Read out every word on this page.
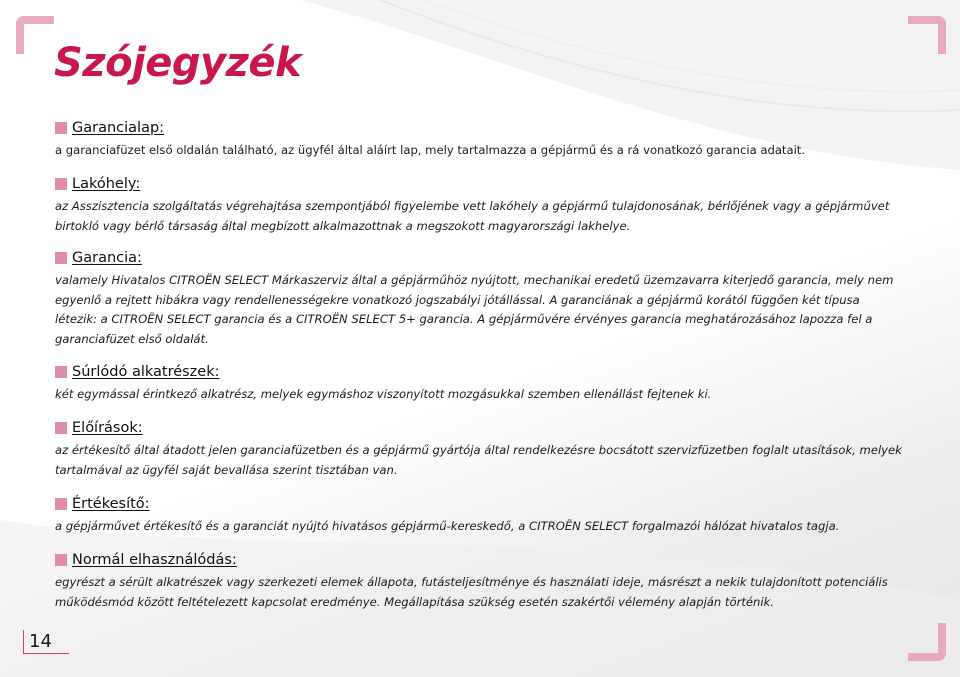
Szójegyzék
Garancialap:

a garanciafüzet első oldalán található, az ügyfél által aláírt lap, mely tartalmazza a gépjármű és a rá vonatkozó garancia adatait.

Lakóhely:

az Asszisztencia szolgáltatás végrehajtása szempontjából figyelembe vett lakóhely a gépjármű tulajdonosának, bérlőjének vagy a gépjárművet birtokló vagy bérlő társaság által megbízott alkalmazottnak a megszokott magyarországi lakhelye.

Garancia:

valamely Hivatalos CITROËN SELECT Márkaszerviz által a gépjárműhöz nyújtott, mechanikai eredetű üzemzavarra kiterjedő garancia, mely nem egyenlő a rejtett hibákra vagy rendellenességekre vonatkozó jogszabályi jótállással. A garanciának a gépjármű korától függően két típusa létezik: a CITROËN SELECT garancia és a CITROËN SELECT 5+ garancia. A gépjárművére érvényes garancia meghatározásához lapozza fel a garanciafüzet első oldalát.

Súrlódó alkatrészek:

két egymással érintkező alkatrész, melyek egymáshoz viszonyított mozgásukkal szemben ellenállást fejtenek ki.

Előírások:

az értékesítő által átadott jelen garanciafüzetben és a gépjármű gyártója által rendelkezésre bocsátott szervizfüzetben foglalt utasítások, melyek tartalmával az ügyfél saját bevallása szerint tisztában van.

Értékesítő:

a gépjárművet értékesítő és a garanciát nyújtó hivatásos gépjármű-kereskedő, a CITROËN SELECT forgalmazói hálózat hivatalos tagja.

Normál elhasználódás:

egyrészt a sérült alkatrészek vagy szerkezeti elemek állapota, futásteljesítménye és használati ideje, másrészt a nekik tulajdonított potenciális működésmód között feltételezett kapcsolat eredménye. Megállapítása szükség esetén szakértői vélemény alapján történik.

14
